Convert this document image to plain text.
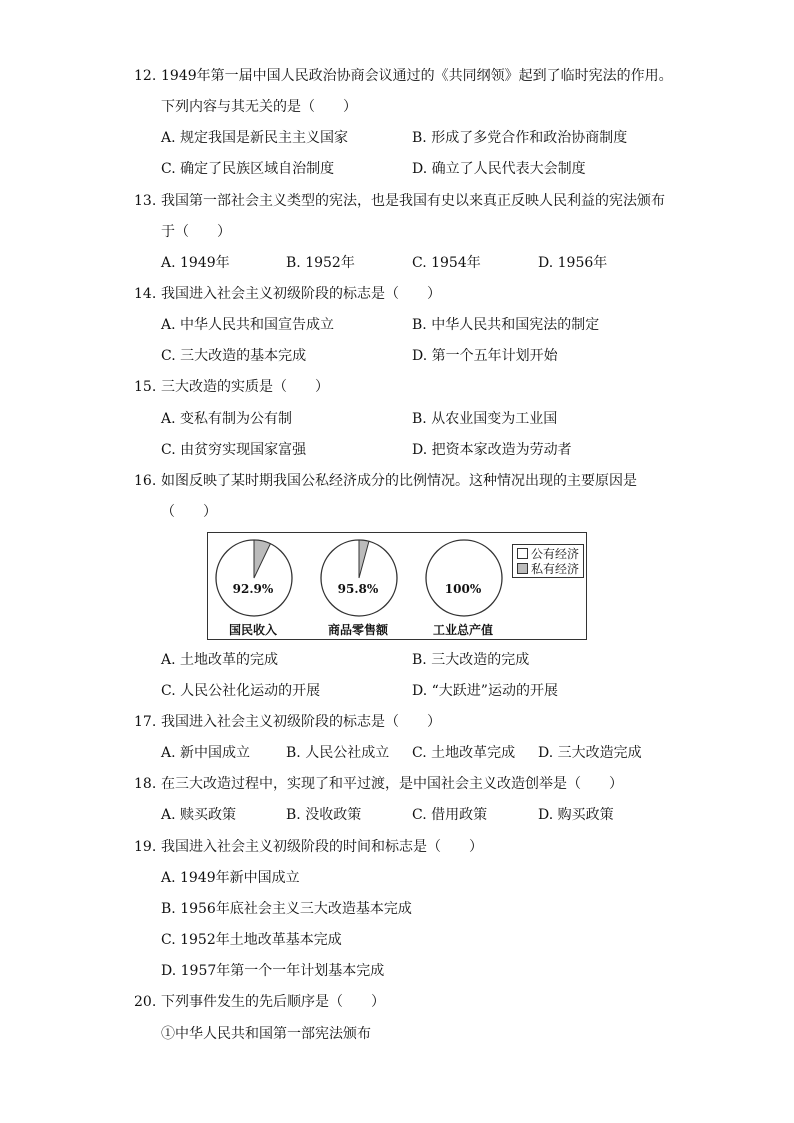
12. 1949年第一届中国人民政治协商会议通过的《共同纲领》起到了临时宪法的作用。
下列内容与其无关的是（　　）
A. 规定我国是新民主主义国家	B. 形成了多党合作和政治协商制度
C. 确定了民族区域自治制度	D. 确立了人民代表大会制度
13. 我国第一部社会主义类型的宪法，也是我国有史以来真正反映人民利益的宪法颁布
于（　　）
A. 1949年	B. 1952年	C. 1954年	D. 1956年
14. 我国进入社会主义初级阶段的标志是（　　）
A. 中华人民共和国宣告成立	B. 中华人民共和国宪法的制定
C. 三大改造的基本完成	D. 第一个五年计划开始
15. 三大改造的实质是（　　）
A. 变私有制为公有制	B. 从农业国变为工业国
C. 由贫穷实现国家富强	D. 把资本家改造为劳动者
16. 如图反映了某时期我国公私经济成分的比例情况。这种情况出现的主要原因是
（　　）
92.9%	95.8%	100%
国民收入	商品零售额	工业总产值
公有经济
私有经济
A. 土地改革的完成	B. 三大改造的完成
C. 人民公社化运动的开展	D. “大跃进”运动的开展
17. 我国进入社会主义初级阶段的标志是（　　）
A. 新中国成立	B. 人民公社成立 C. 土地改革完成 D. 三大改造完成
18. 在三大改造过程中，实现了和平过渡，是中国社会主义改造创举是（　　）
A. 赎买政策	B. 没收政策	C. 借用政策	D. 购买政策
19. 我国进入社会主义初级阶段的时间和标志是（　　）
A. 1949年新中国成立
B. 1956年底社会主义三大改造基本完成
C. 1952年土地改革基本完成
D. 1957年第一个一年计划基本完成
20. 下列事件发生的先后顺序是（　　）
①中华人民共和国第一部宪法颁布
